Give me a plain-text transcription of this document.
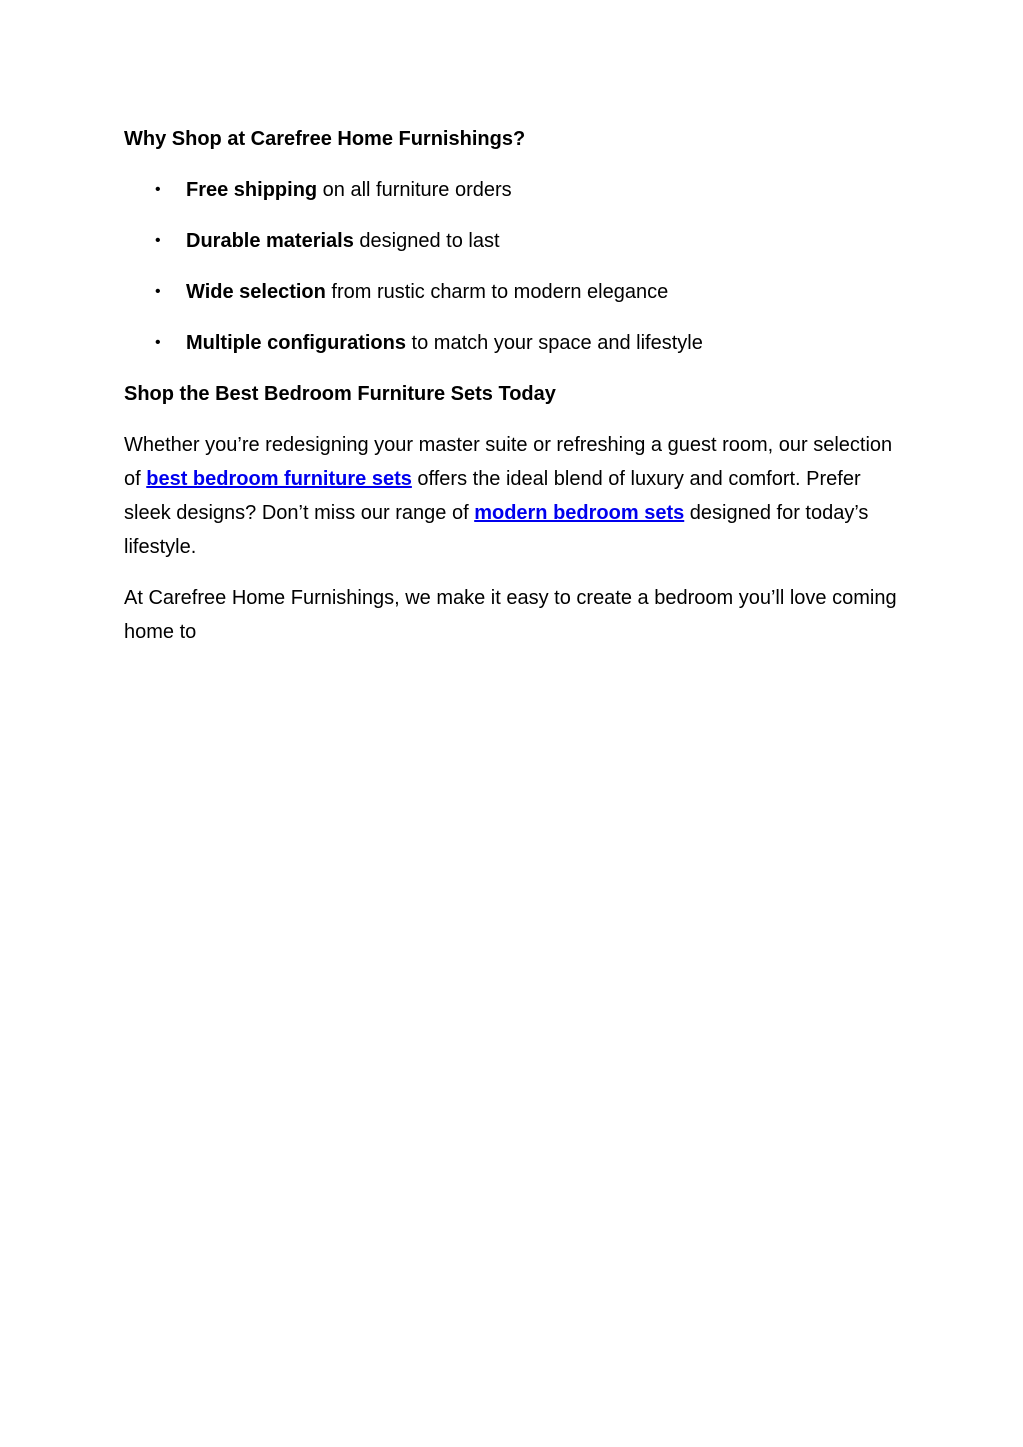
Why Shop at Carefree Home Furnishings?

•	Free shipping on all furniture orders
•	Durable materials designed to last
•	Wide selection from rustic charm to modern elegance
•	Multiple configurations to match your space and lifestyle

Shop the Best Bedroom Furniture Sets Today

Whether you’re redesigning your master suite or refreshing a guest room, our selection of best bedroom furniture sets offers the ideal blend of luxury and comfort. Prefer sleek designs? Don’t miss our range of modern bedroom sets designed for today’s lifestyle.

At Carefree Home Furnishings, we make it easy to create a bedroom you’ll love coming home to
